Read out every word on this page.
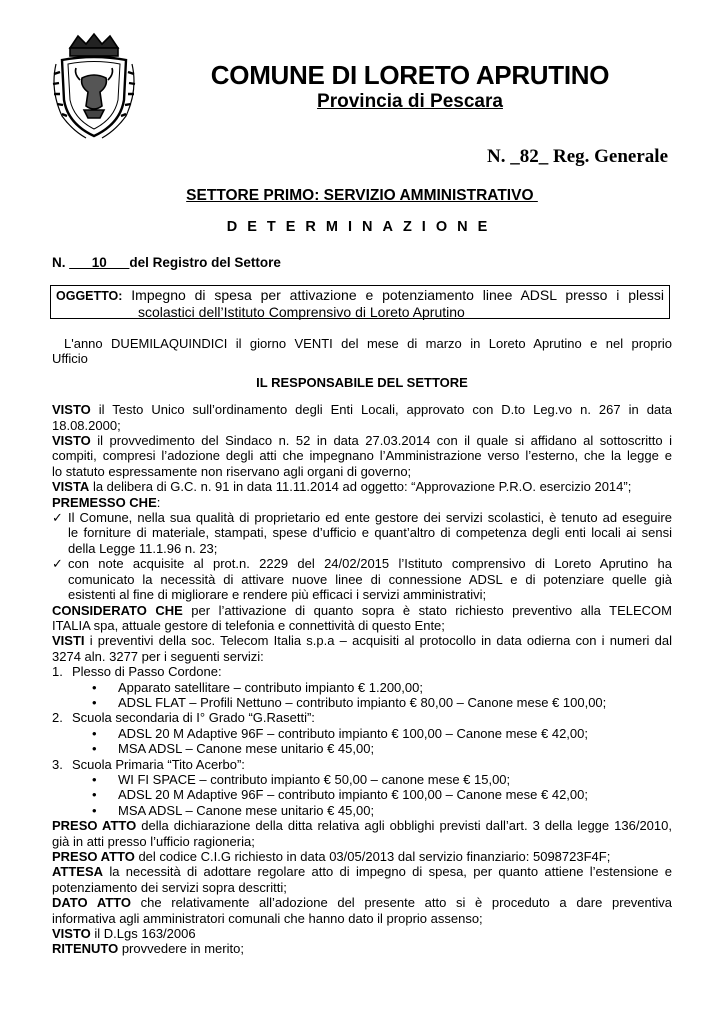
COMUNE DI LORETO APRUTINO
Provincia di Pescara
N. _82_ Reg. Generale
SETTORE PRIMO: SERVIZIO AMMINISTRATIVO
DETERMINAZIONE
N. ___10___del Registro del Settore
OGGETTO: Impegno di spesa per attivazione e potenziamento linee ADSL presso i plessi
scolastici dell’Istituto Comprensivo di Loreto Aprutino

L'anno DUEMILAQUINDICI il giorno VENTI del mese di marzo in Loreto Aprutino e nel proprio
Ufficio

IL RESPONSABILE DEL SETTORE

VISTO il Testo Unico sull’ordinamento degli Enti Locali, approvato con D.to Leg.vo n. 267 in data
18.08.2000;

VISTO il provvedimento del Sindaco n. 52 in data 27.03.2014 con il quale si affidano al sottoscritto i
compiti, compresi l’adozione degli atti che impegnano l’Amministrazione verso l’esterno, che la legge e
lo statuto espressamente non riservano agli organi di governo;

VISTA la delibera di G.C. n. 91 in data 11.11.2014 ad oggetto: “Approvazione P.R.O. esercizio 2014”;

PREMESSO CHE:

✓ Il Comune, nella sua qualità di proprietario ed ente gestore dei servizi scolastici, è tenuto ad eseguire
le forniture di materiale, stampati, spese d’ufficio e quant’altro di competenza degli enti locali ai sensi
della Legge 11.1.96 n. 23;
✓ con note acquisite al prot.n. 2229 del 24/02/2015 l’Istituto comprensivo di Loreto Aprutino ha
comunicato la necessità di attivare nuove linee di connessione ADSL e di potenziare quelle già
esistenti al fine di migliorare e rendere più efficaci i servizi amministrativi;

CONSIDERATO CHE per l’attivazione di quanto sopra è stato richiesto preventivo alla TELECOM
ITALIA spa, attuale gestore di telefonia e connettività di questo Ente;

VISTI i preventivi della soc. Telecom Italia s.p.a – acquisiti al protocollo in data odierna con i numeri dal
3274 aln. 3277 per i seguenti servizi:

1. Plesso di Passo Cordone:
• Apparato satellitare – contributo impianto € 1.200,00;
• ADSL FLAT – Profili Nettuno – contributo impianto € 80,00 – Canone mese € 100,00;
2. Scuola secondaria di I° Grado “G.Rasetti”:
• ADSL 20 M Adaptive 96F – contributo impianto € 100,00 – Canone mese € 42,00;
• MSA ADSL – Canone mese unitario € 45,00;
3. Scuola Primaria “Tito Acerbo”:
• WI FI SPACE – contributo impianto € 50,00 – canone mese € 15,00;
• ADSL 20 M Adaptive 96F – contributo impianto € 100,00 – Canone mese € 42,00;
• MSA ADSL – Canone mese unitario € 45,00;

PRESO ATTO della dichiarazione della ditta relativa agli obblighi previsti dall’art. 3 della legge 136/2010,
già in atti presso l’ufficio ragioneria;

PRESO ATTO del codice C.I.G richiesto in data 03/05/2013 dal servizio finanziario: 5098723F4F;

ATTESA la necessità di adottare regolare atto di impegno di spesa, per quanto attiene l’estensione e
potenziamento dei servizi sopra descritti;

DATO ATTO che relativamente all’adozione del presente atto si è proceduto a dare preventiva
informativa agli amministratori comunali che hanno dato il proprio assenso;

VISTO il D.Lgs 163/2006

RITENUTO provvedere in merito;
